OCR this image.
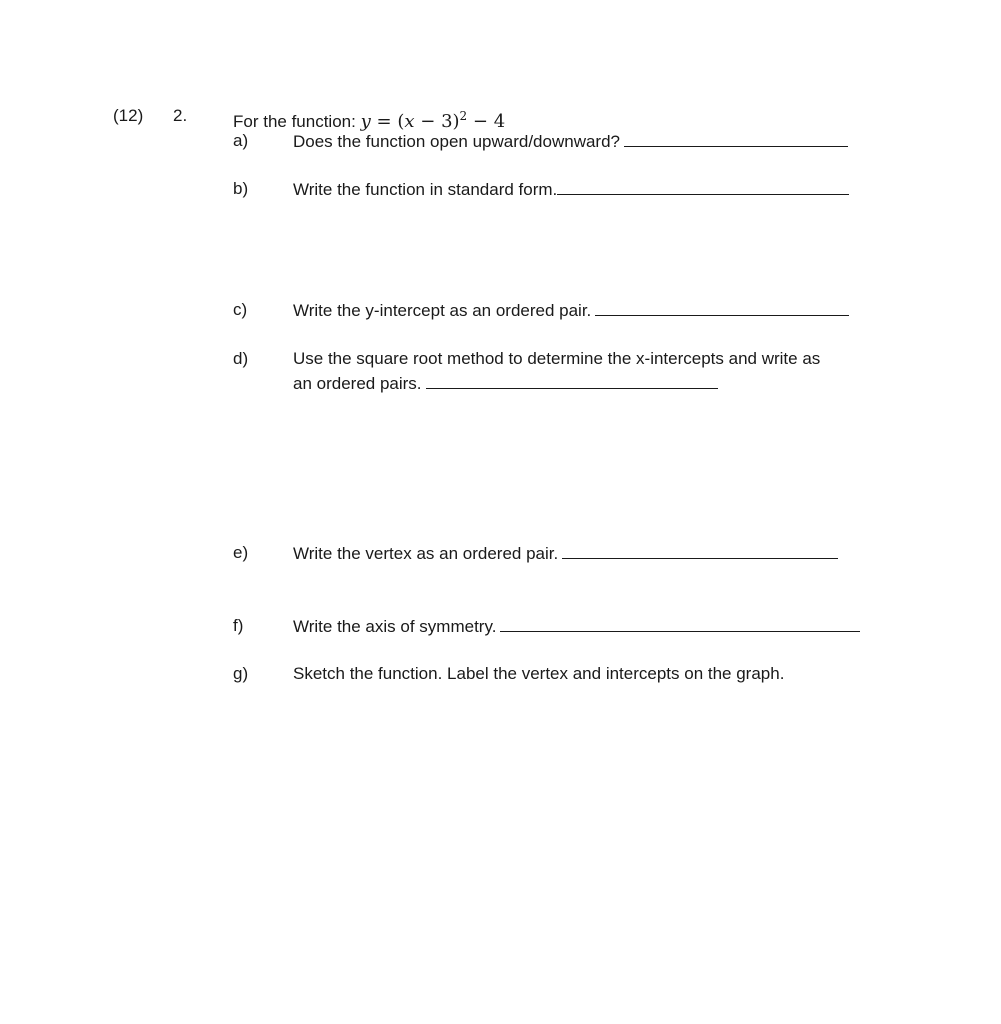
(12) 2.	For the function: $y = (x - 3)^2 - 4$
a)	Does the function open upward/downward?
b)	Write the function in standard form.
c)	Write the y-intercept as an ordered pair.
d)	Use the square root method to determine the x-intercepts and write as
an ordered pairs.
e)	Write the vertex as an ordered pair.
f)	Write the axis of symmetry.
g)	Sketch the function. Label the vertex and intercepts on the graph.
